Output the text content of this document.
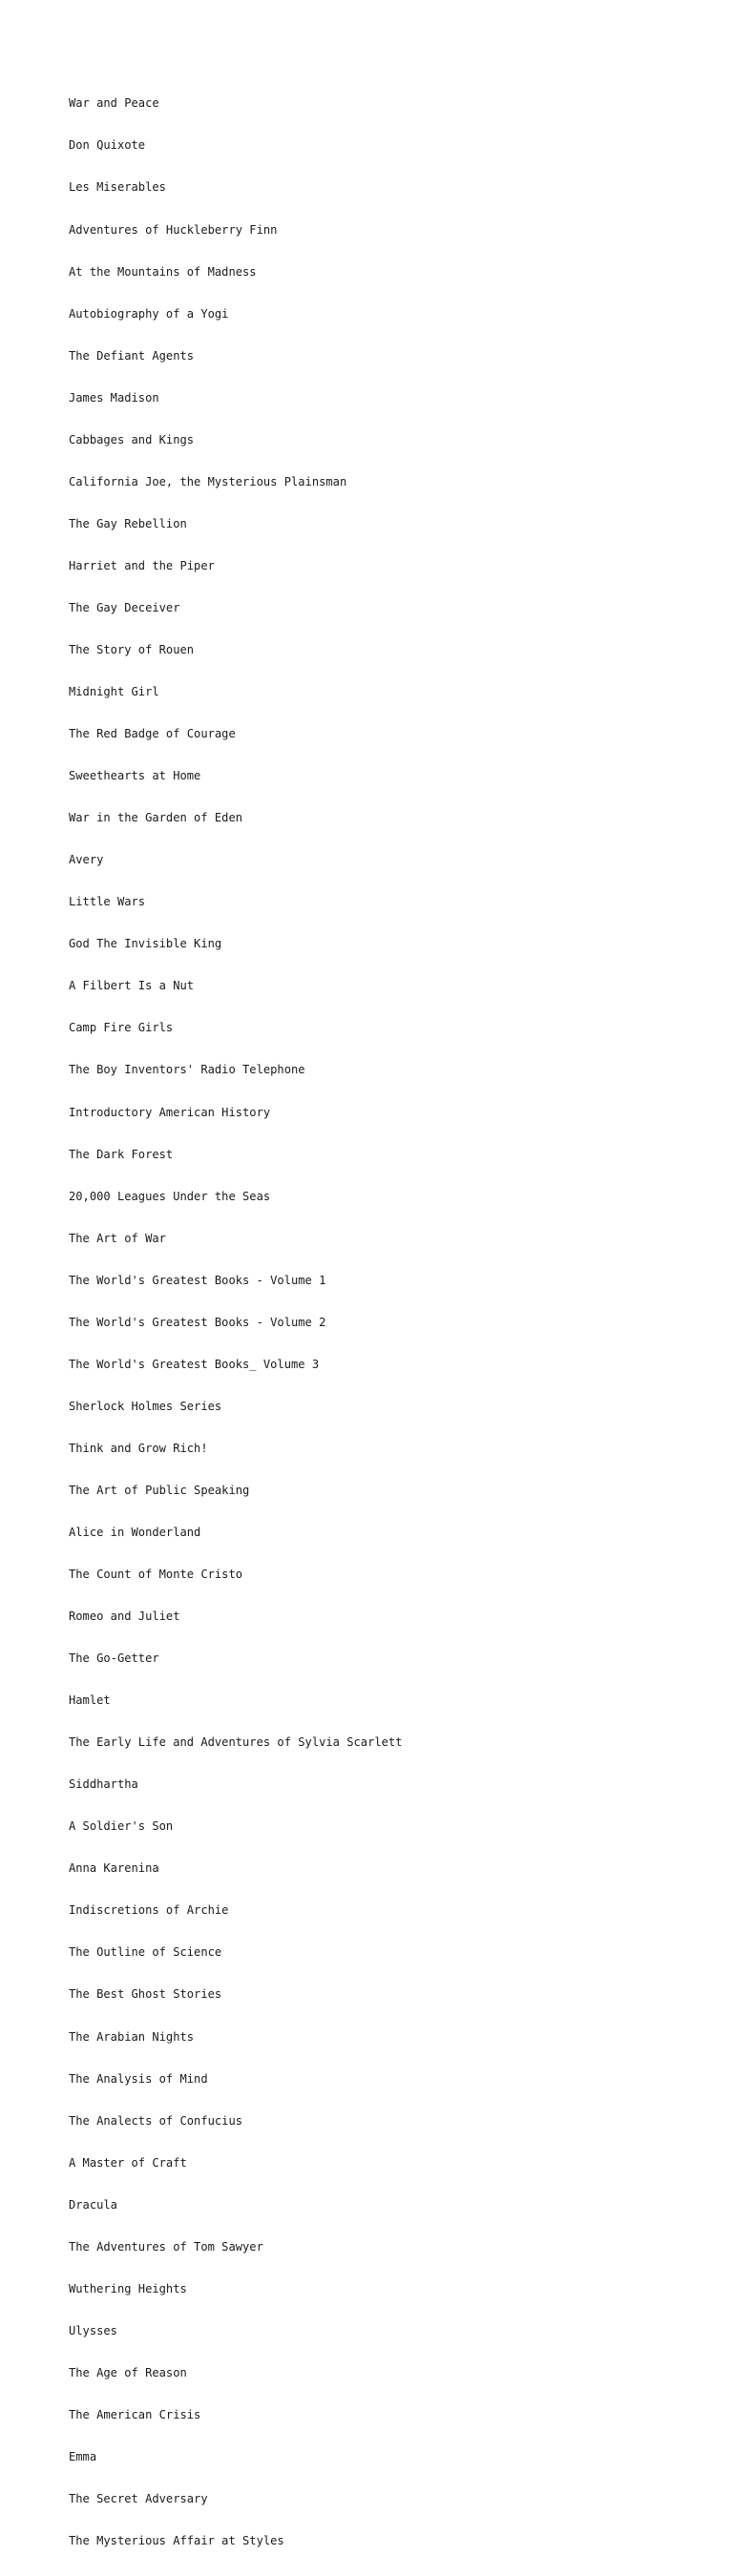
War and Peace

Don Quixote

Les Miserables

Adventures of Huckleberry Finn

At the Mountains of Madness

Autobiography of a Yogi

The Defiant Agents

James Madison

Cabbages and Kings

California Joe, the Mysterious Plainsman

The Gay Rebellion

Harriet and the Piper

The Gay Deceiver

The Story of Rouen

Midnight Girl

The Red Badge of Courage

Sweethearts at Home

War in the Garden of Eden

Avery

Little Wars

God The Invisible King

A Filbert Is a Nut

Camp Fire Girls

The Boy Inventors' Radio Telephone

Introductory American History

The Dark Forest

20,000 Leagues Under the Seas

The Art of War

The World's Greatest Books - Volume 1

The World's Greatest Books - Volume 2

The World's Greatest Books_ Volume 3

Sherlock Holmes Series

Think and Grow Rich!

The Art of Public Speaking

Alice in Wonderland

The Count of Monte Cristo

Romeo and Juliet

The Go-Getter

Hamlet

The Early Life and Adventures of Sylvia Scarlett

Siddhartha

A Soldier's Son

Anna Karenina

Indiscretions of Archie

The Outline of Science

The Best Ghost Stories

The Arabian Nights

The Analysis of Mind

The Analects of Confucius

A Master of Craft

Dracula

The Adventures of Tom Sawyer

Wuthering Heights

Ulysses

The Age of Reason

The American Crisis

Emma

The Secret Adversary

The Mysterious Affair at Styles
